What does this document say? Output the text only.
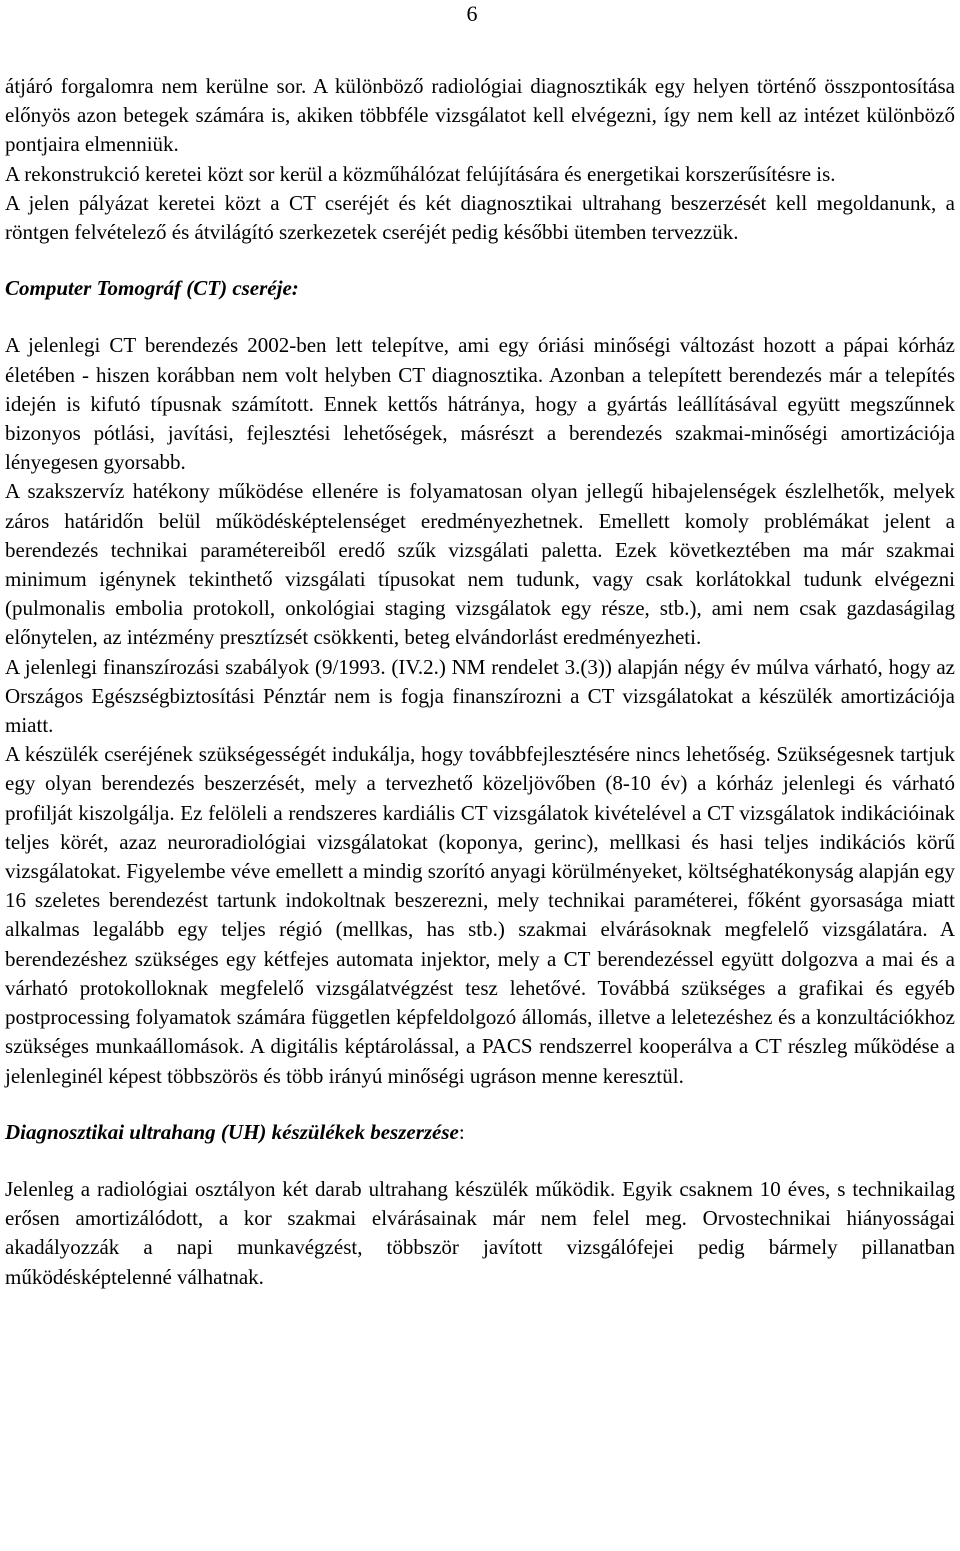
6

átjáró forgalomra nem kerülne sor. A különböző radiológiai diagnosztikák egy helyen történő összpontosítása előnyös azon betegek számára is, akiken többféle vizsgálatot kell elvégezni, így nem kell az intézet különböző pontjaira elmenniük.

A rekonstrukció keretei közt sor kerül a közműhálózat felújítására és energetikai korszerűsítésre is.

A jelen pályázat keretei közt a CT cseréjét és két diagnosztikai ultrahang beszerzését kell megoldanunk, a röntgen felvételező és átvilágító szerkezetek cseréjét pedig későbbi ütemben tervezzük.

Computer Tomográf (CT) cseréje:

A jelenlegi CT berendezés 2002-ben lett telepítve, ami egy óriási minőségi változást hozott a pápai kórház életében - hiszen korábban nem volt helyben CT diagnosztika. Azonban a telepített berendezés már a telepítés idején is kifutó típusnak számított. Ennek kettős hátránya, hogy a gyártás leállításával együtt megszűnnek bizonyos pótlási, javítási, fejlesztési lehetőségek, másrészt a berendezés szakmai-minőségi amortizációja lényegesen gyorsabb.

A szakszervíz hatékony működése ellenére is folyamatosan olyan jellegű hibajelenségek észlelhetők, melyek záros határidőn belül működésképtelenséget eredményezhetnek. Emellett komoly problémákat jelent a berendezés technikai paramétereiből eredő szűk vizsgálati paletta. Ezek következtében ma már szakmai minimum igénynek tekinthető vizsgálati típusokat nem tudunk, vagy csak korlátokkal tudunk elvégezni (pulmonalis embolia protokoll, onkológiai staging vizsgálatok egy része, stb.), ami nem csak gazdaságilag előnytelen, az intézmény presztízsét csökkenti, beteg elvándorlást eredményezheti.

A jelenlegi finanszírozási szabályok (9/1993. (IV.2.) NM rendelet 3.(3)) alapján négy év múlva várható, hogy az Országos Egészségbiztosítási Pénztár nem is fogja finanszírozni a CT vizsgálatokat a készülék amortizációja miatt.

A készülék cseréjének szükségességét indukálja, hogy továbbfejlesztésére nincs lehetőség. Szükségesnek tartjuk egy olyan berendezés beszerzését, mely a tervezhető közeljövőben (8-10 év) a kórház jelenlegi és várható profilját kiszolgálja. Ez felöleli a rendszeres kardiális CT vizsgálatok kivételével a CT vizsgálatok indikációinak teljes körét, azaz neuroradiológiai vizsgálatokat (koponya, gerinc), mellkasi és hasi teljes indikációs körű vizsgálatokat. Figyelembe véve emellett a mindig szorító anyagi körülményeket, költséghatékonyság alapján egy 16 szeletes berendezést tartunk indokoltnak beszerezni, mely technikai paraméterei, főként gyorsasága miatt alkalmas legalább egy teljes régió (mellkas, has stb.) szakmai elvárásoknak megfelelő vizsgálatára. A berendezéshez szükséges egy kétfejes automata injektor, mely a CT berendezéssel együtt dolgozva a mai és a várható protokolloknak megfelelő vizsgálatvégzést tesz lehetővé. Továbbá szükséges a grafikai és egyéb postprocessing folyamatok számára független képfeldolgozó állomás, illetve a leletezéshez és a konzultációkhoz szükséges munkaállomások. A digitális képtárolással, a PACS rendszerrel kooperálva a CT részleg működése a jelenleginél képest többszörös és több irányú minőségi ugráson menne keresztül.

Diagnosztikai ultrahang (UH) készülékek beszerzése:

Jelenleg a radiológiai osztályon két darab ultrahang készülék működik. Egyik csaknem 10 éves, s technikailag erősen amortizálódott, a kor szakmai elvárásainak már nem felel meg. Orvostechnikai hiányosságai akadályozzák a napi munkavégzést, többször javított vizsgálófejei pedig bármely pillanatban működésképtelenné válhatnak.
